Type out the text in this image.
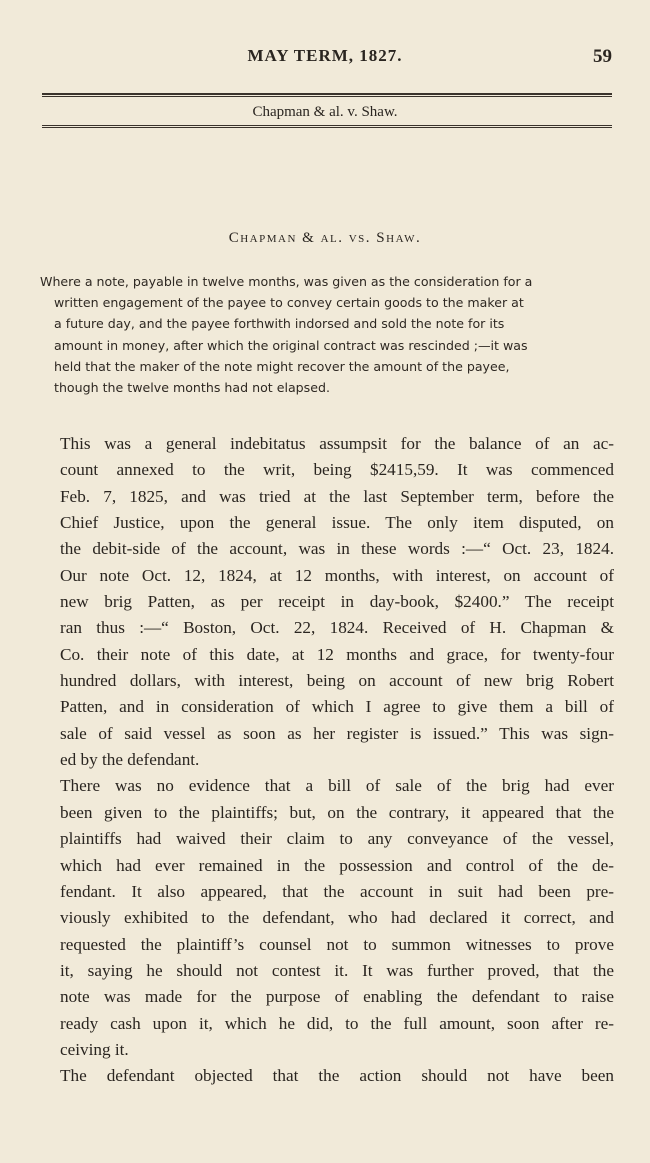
MAY TERM, 1827.	59
Chapman & al. v. Shaw.
Chapman & al. vs. Shaw.
Where a note, payable in twelve months, was given as the consideration for a
written engagement of the payee to convey certain goods to the maker at
a future day, and the payee forthwith indorsed and sold the note for its
amount in money, after which the original contract was rescinded ;—it was
held that the maker of the note might recover the amount of the payee,
though the twelve months had not elapsed.

This was a general indebitatus assumpsit for the balance of an ac-
count annexed to the writ, being $2415,59. It was commenced
Feb. 7, 1825, and was tried at the last September term, before the
Chief Justice, upon the general issue. The only item disputed, on
the debit-side of the account, was in these words :—“ Oct. 23, 1824.
Our note Oct. 12, 1824, at 12 months, with interest, on account of
new brig Patten, as per receipt in day-book, $2400.” The receipt
ran thus :—“ Boston, Oct. 22, 1824. Received of H. Chapman &
Co. their note of this date, at 12 months and grace, for twenty-four
hundred dollars, with interest, being on account of new brig Robert
Patten, and in consideration of which I agree to give them a bill of
sale of said vessel as soon as her register is issued.” This was sign-
ed by the defendant.

There was no evidence that a bill of sale of the brig had ever
been given to the plaintiffs; but, on the contrary, it appeared that the
plaintiffs had waived their claim to any conveyance of the vessel,
which had ever remained in the possession and control of the de-
fendant. It also appeared, that the account in suit had been pre-
viously exhibited to the defendant, who had declared it correct, and
requested the plaintiff’s counsel not to summon witnesses to prove
it, saying he should not contest it. It was further proved, that the
note was made for the purpose of enabling the defendant to raise
ready cash upon it, which he did, to the full amount, soon after re-
ceiving it.

The defendant objected that the action should not have been
